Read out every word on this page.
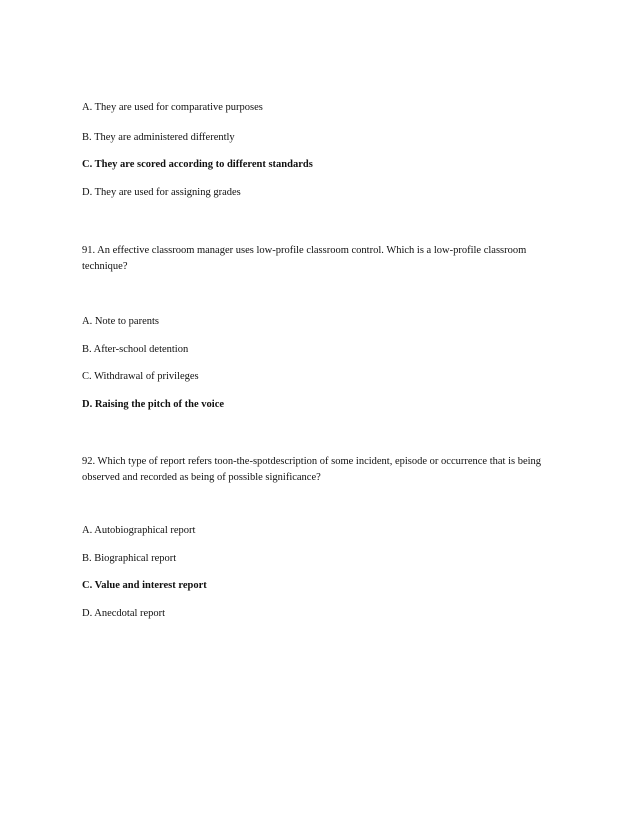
A. They are used for comparative purposes
B. They are administered differently
C. They are scored according to different standards
D. They are used for assigning grades
91. An effective classroom manager uses low-profile classroom control. Which is a low-profile classroom technique?
A. Note to parents
B. After-school detention
C. Withdrawal of privileges
D. Raising the pitch of the voice
92. Which type of report refers toon-the-spotdescription of some incident, episode or occurrence that is being observed and recorded as being of possible significance?
A. Autobiographical report
B. Biographical report
C. Value and interest report
D. Anecdotal report
